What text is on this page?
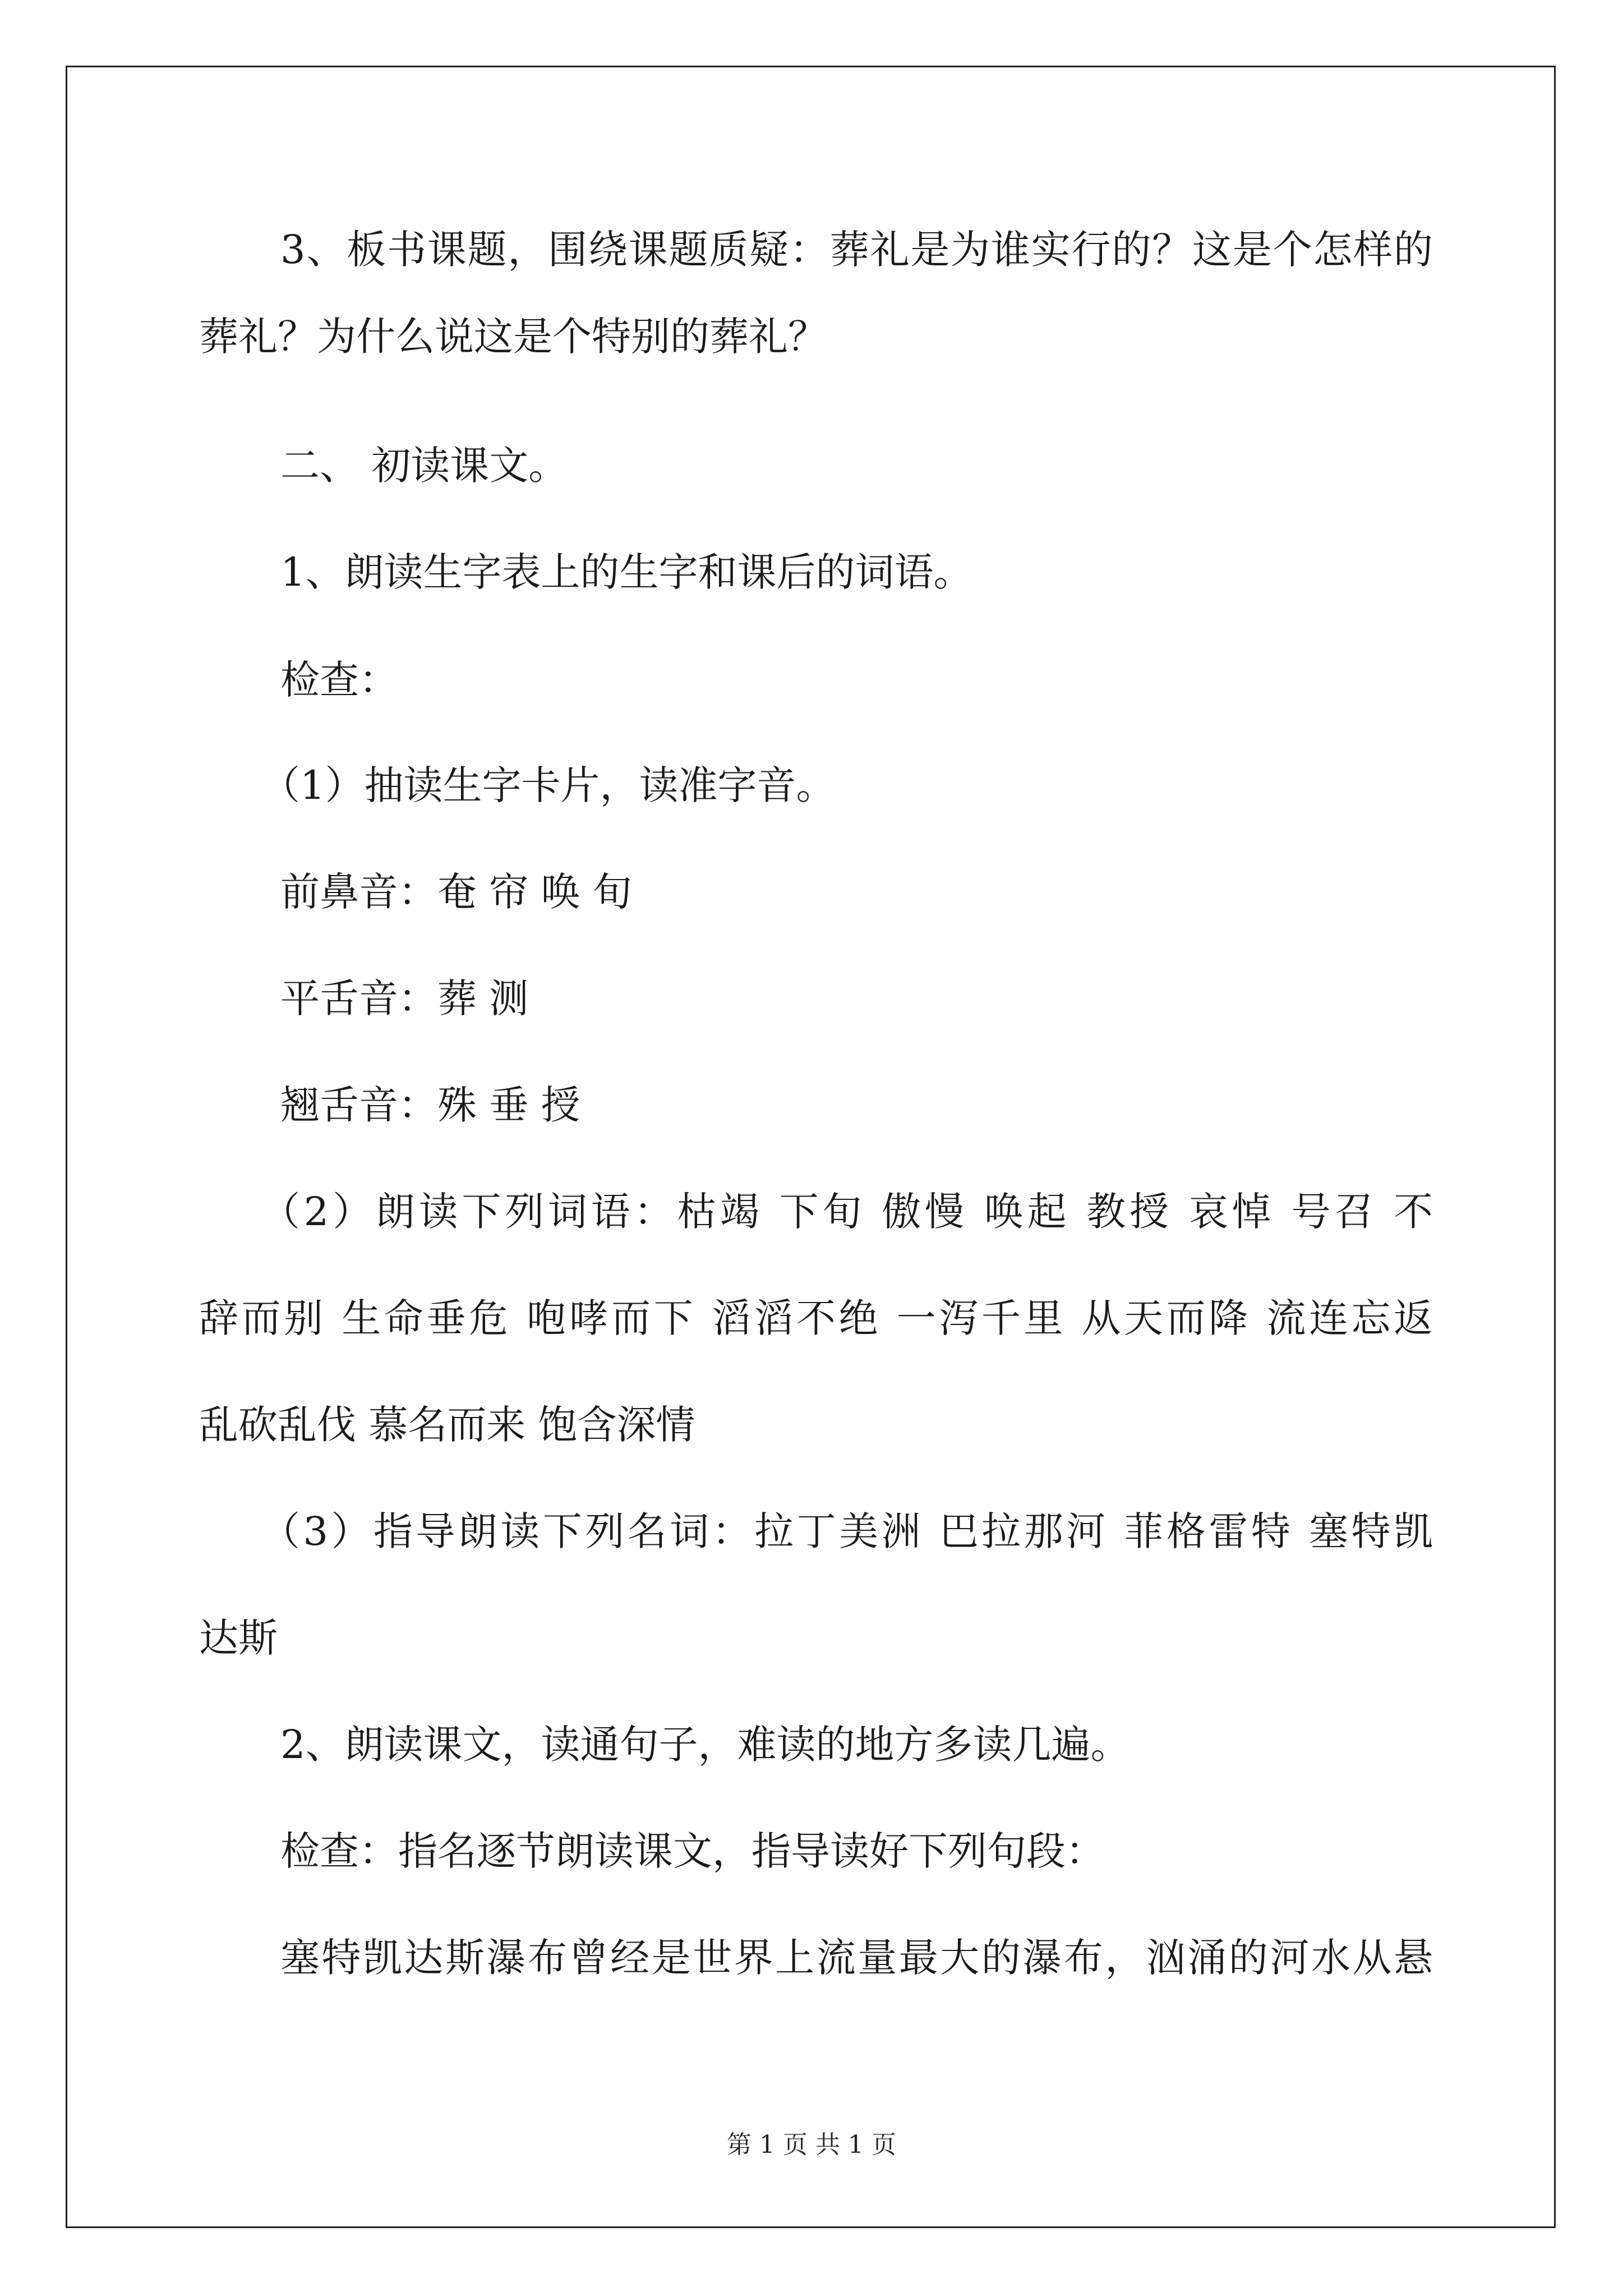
3、板书课题，围绕课题质疑：葬礼是为谁实行的？这是个怎样的
葬礼？为什么说这是个特别的葬礼？
二、 初读课文。
1、朗读生字表上的生字和课后的词语。
检查：
（1）抽读生字卡片，读准字音。
前鼻音：奄 帘 唤 旬
平舌音：葬 测
翘舌音：殊 垂 授
（2）朗读下列词语：枯竭 下旬 傲慢 唤起 教授 哀悼 号召 不
辞而别 生命垂危 咆哮而下 滔滔不绝 一泻千里 从天而降 流连忘返
乱砍乱伐 慕名而来 饱含深情
（3）指导朗读下列名词：拉丁美洲 巴拉那河 菲格雷特 塞特凯
达斯
2、朗读课文，读通句子，难读的地方多读几遍。
检查：指名逐节朗读课文，指导读好下列句段：
塞特凯达斯瀑布曾经是世界上流量最大的瀑布，汹涌的河水从悬
第 1 页 共 1 页
